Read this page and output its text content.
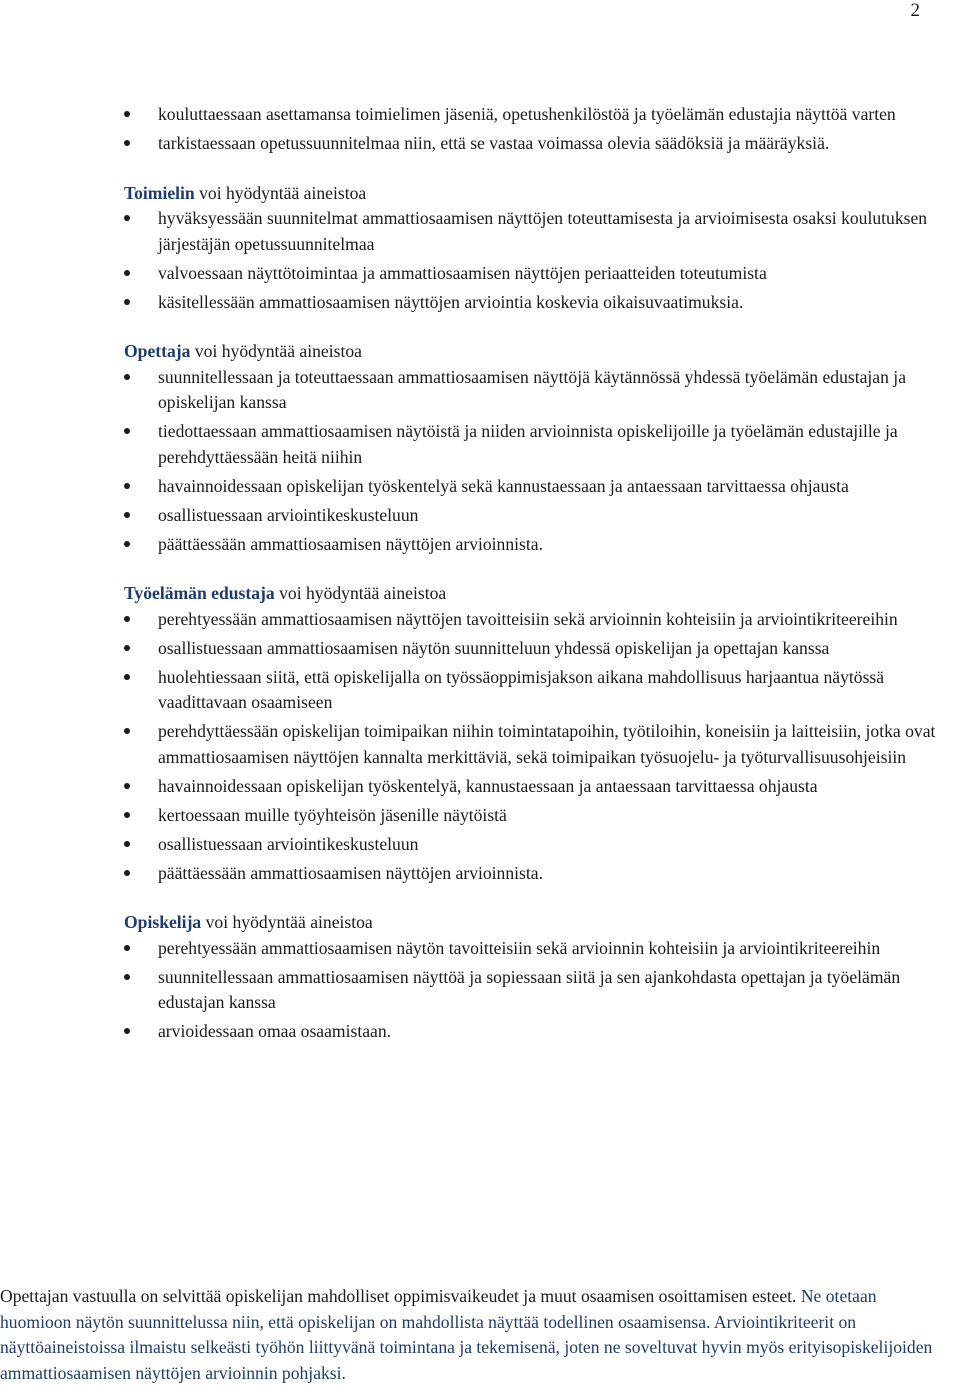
2
kouluttaessaan asettamansa toimielimen jäseniä, opetushenkilöstöä ja työelämän edustajia näyttöä varten
tarkistaessaan opetussuunnitelmaa niin, että se vastaa voimassa olevia säädöksiä ja määräyksiä.

Toimielin voi hyödyntää aineistoa

hyväksyessään suunnitelmat ammattiosaamisen näyttöjen toteuttamisesta ja arvioimisesta osaksi koulutuksen järjestäjän opetussuunnitelmaa
valvoessaan näyttötoimintaa ja ammattiosaamisen näyttöjen periaatteiden toteutumista
käsitellessään ammattiosaamisen näyttöjen arviointia koskevia oikaisuvaatimuksia.

Opettaja voi hyödyntää aineistoa

suunnitellessaan ja toteuttaessaan ammattiosaamisen näyttöjä käytännössä yhdessä työelämän edustajan ja opiskelijan kanssa
tiedottaessaan ammattiosaamisen näytöistä ja niiden arvioinnista opiskelijoille ja työelämän edustajille ja perehdyttäessään heitä niihin
havainnoidessaan opiskelijan työskentelyä sekä kannustaessaan ja antaessaan tarvittaessa ohjausta
osallistuessaan arviointikeskusteluun
päättäessään ammattiosaamisen näyttöjen arvioinnista.

Työelämän edustaja voi hyödyntää aineistoa

perehtyessään ammattiosaamisen näyttöjen tavoitteisiin sekä arvioinnin kohteisiin ja arviointikriteereihin
osallistuessaan ammattiosaamisen näytön suunnitteluun yhdessä opiskelijan ja opettajan kanssa
huolehtiessaan siitä, että opiskelijalla on työssäoppimisjakson aikana mahdollisuus harjaantua näytössä vaadittavaan osaamiseen
perehdyttäessään opiskelijan toimipaikan niihin toimintatapoihin, työtiloihin, koneisiin ja laitteisiin, jotka ovat ammattiosaamisen näyttöjen kannalta merkittäviä, sekä toimipaikan työsuojelu- ja työturvallisuusohjeisiin
havainnoidessaan opiskelijan työskentelyä, kannustaessaan ja antaessaan tarvittaessa ohjausta
kertoessaan muille työyhteisön jäsenille näytöistä
osallistuessaan arviointikeskusteluun
päättäessään ammattiosaamisen näyttöjen arvioinnista.

Opiskelija voi hyödyntää aineistoa

perehtyessään ammattiosaamisen näytön tavoitteisiin sekä arvioinnin kohteisiin ja arviointikriteereihin
suunnitellessaan ammattiosaamisen näyttöä ja sopiessaan siitä ja sen ajankohdasta opettajan ja työelämän edustajan kanssa
arvioidessaan omaa osaamistaan.

Opettajan vastuulla on selvittää opiskelijan mahdolliset oppimisvaikeudet ja muut osaamisen osoittamisen esteet. Ne otetaan huomioon näytön suunnittelussa niin, että opiskelijan on mahdollista näyttää todellinen osaamisensa. Arviointikriteerit on näyttöaineistoissa ilmaistu selkeästi työhön liittyvänä toimintana ja tekemisenä, joten ne soveltuvat hyvin myös erityisopiskelijoiden ammattiosaamisen näyttöjen arvioinnin pohjaksi.
